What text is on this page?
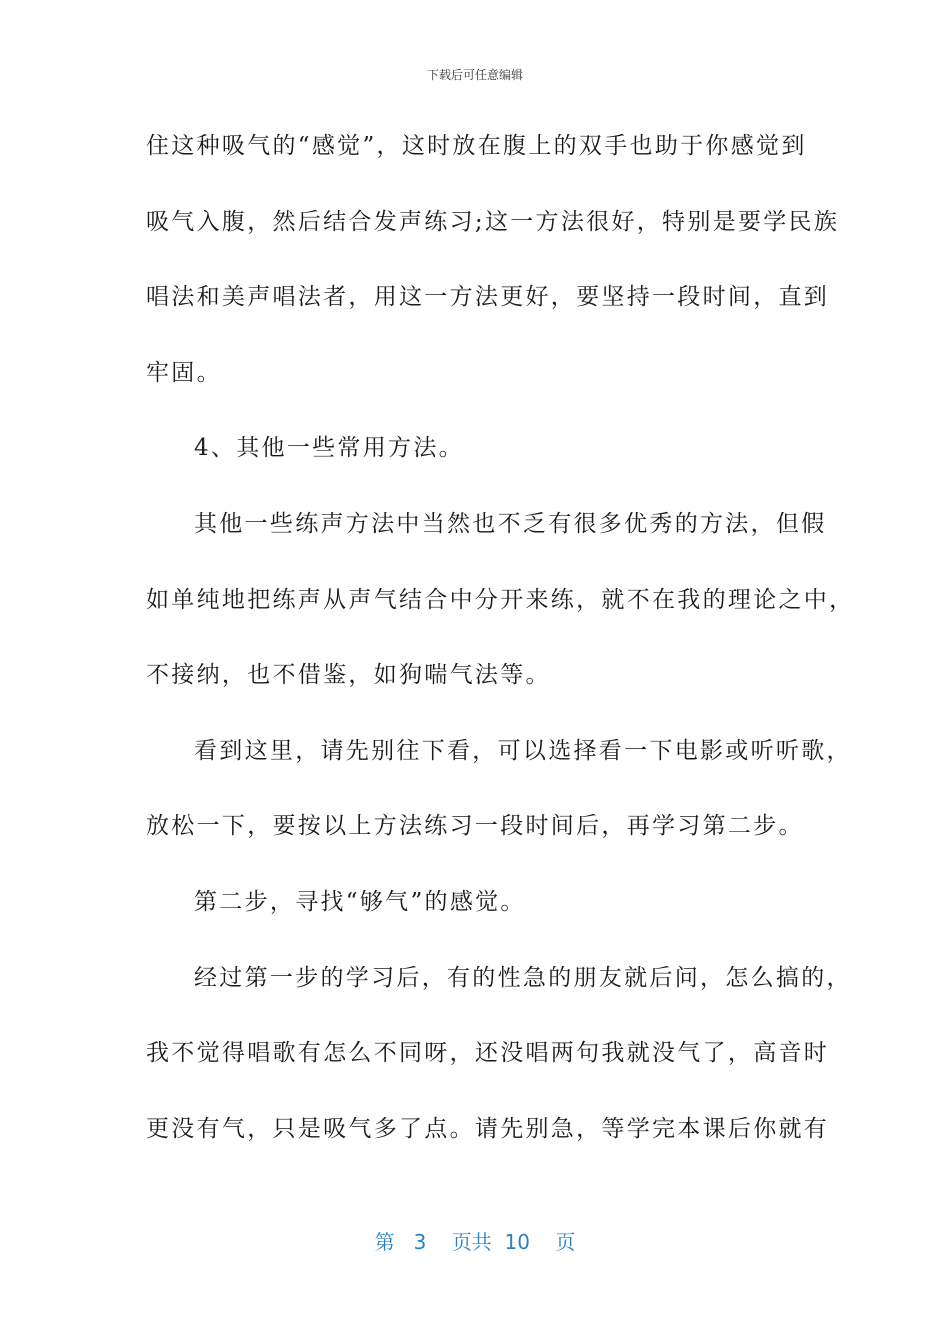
下载后可任意编辑
住这种吸气的“感觉”，这时放在腹上的双手也助于你感觉到
吸气入腹，然后结合发声练习;这一方法很好，特别是要学民族
唱法和美声唱法者，用这一方法更好，要坚持一段时间，直到
牢固。
4、其他一些常用方法。
其他一些练声方法中当然也不乏有很多优秀的方法，但假
如单纯地把练声从声气结合中分开来练，就不在我的理论之中，
不接纳，也不借鉴，如狗喘气法等。
看到这里，请先别往下看，可以选择看一下电影或听听歌，
放松一下，要按以上方法练习一段时间后，再学习第二步。
第二步，寻找“够气”的感觉。
经过第一步的学习后，有的性急的朋友就后问，怎么搞的，
我不觉得唱歌有怎么不同呀，还没唱两句我就没气了，高音时
更没有气，只是吸气多了点。请先别急，等学完本课后你就有
第 3 页共 10 页
